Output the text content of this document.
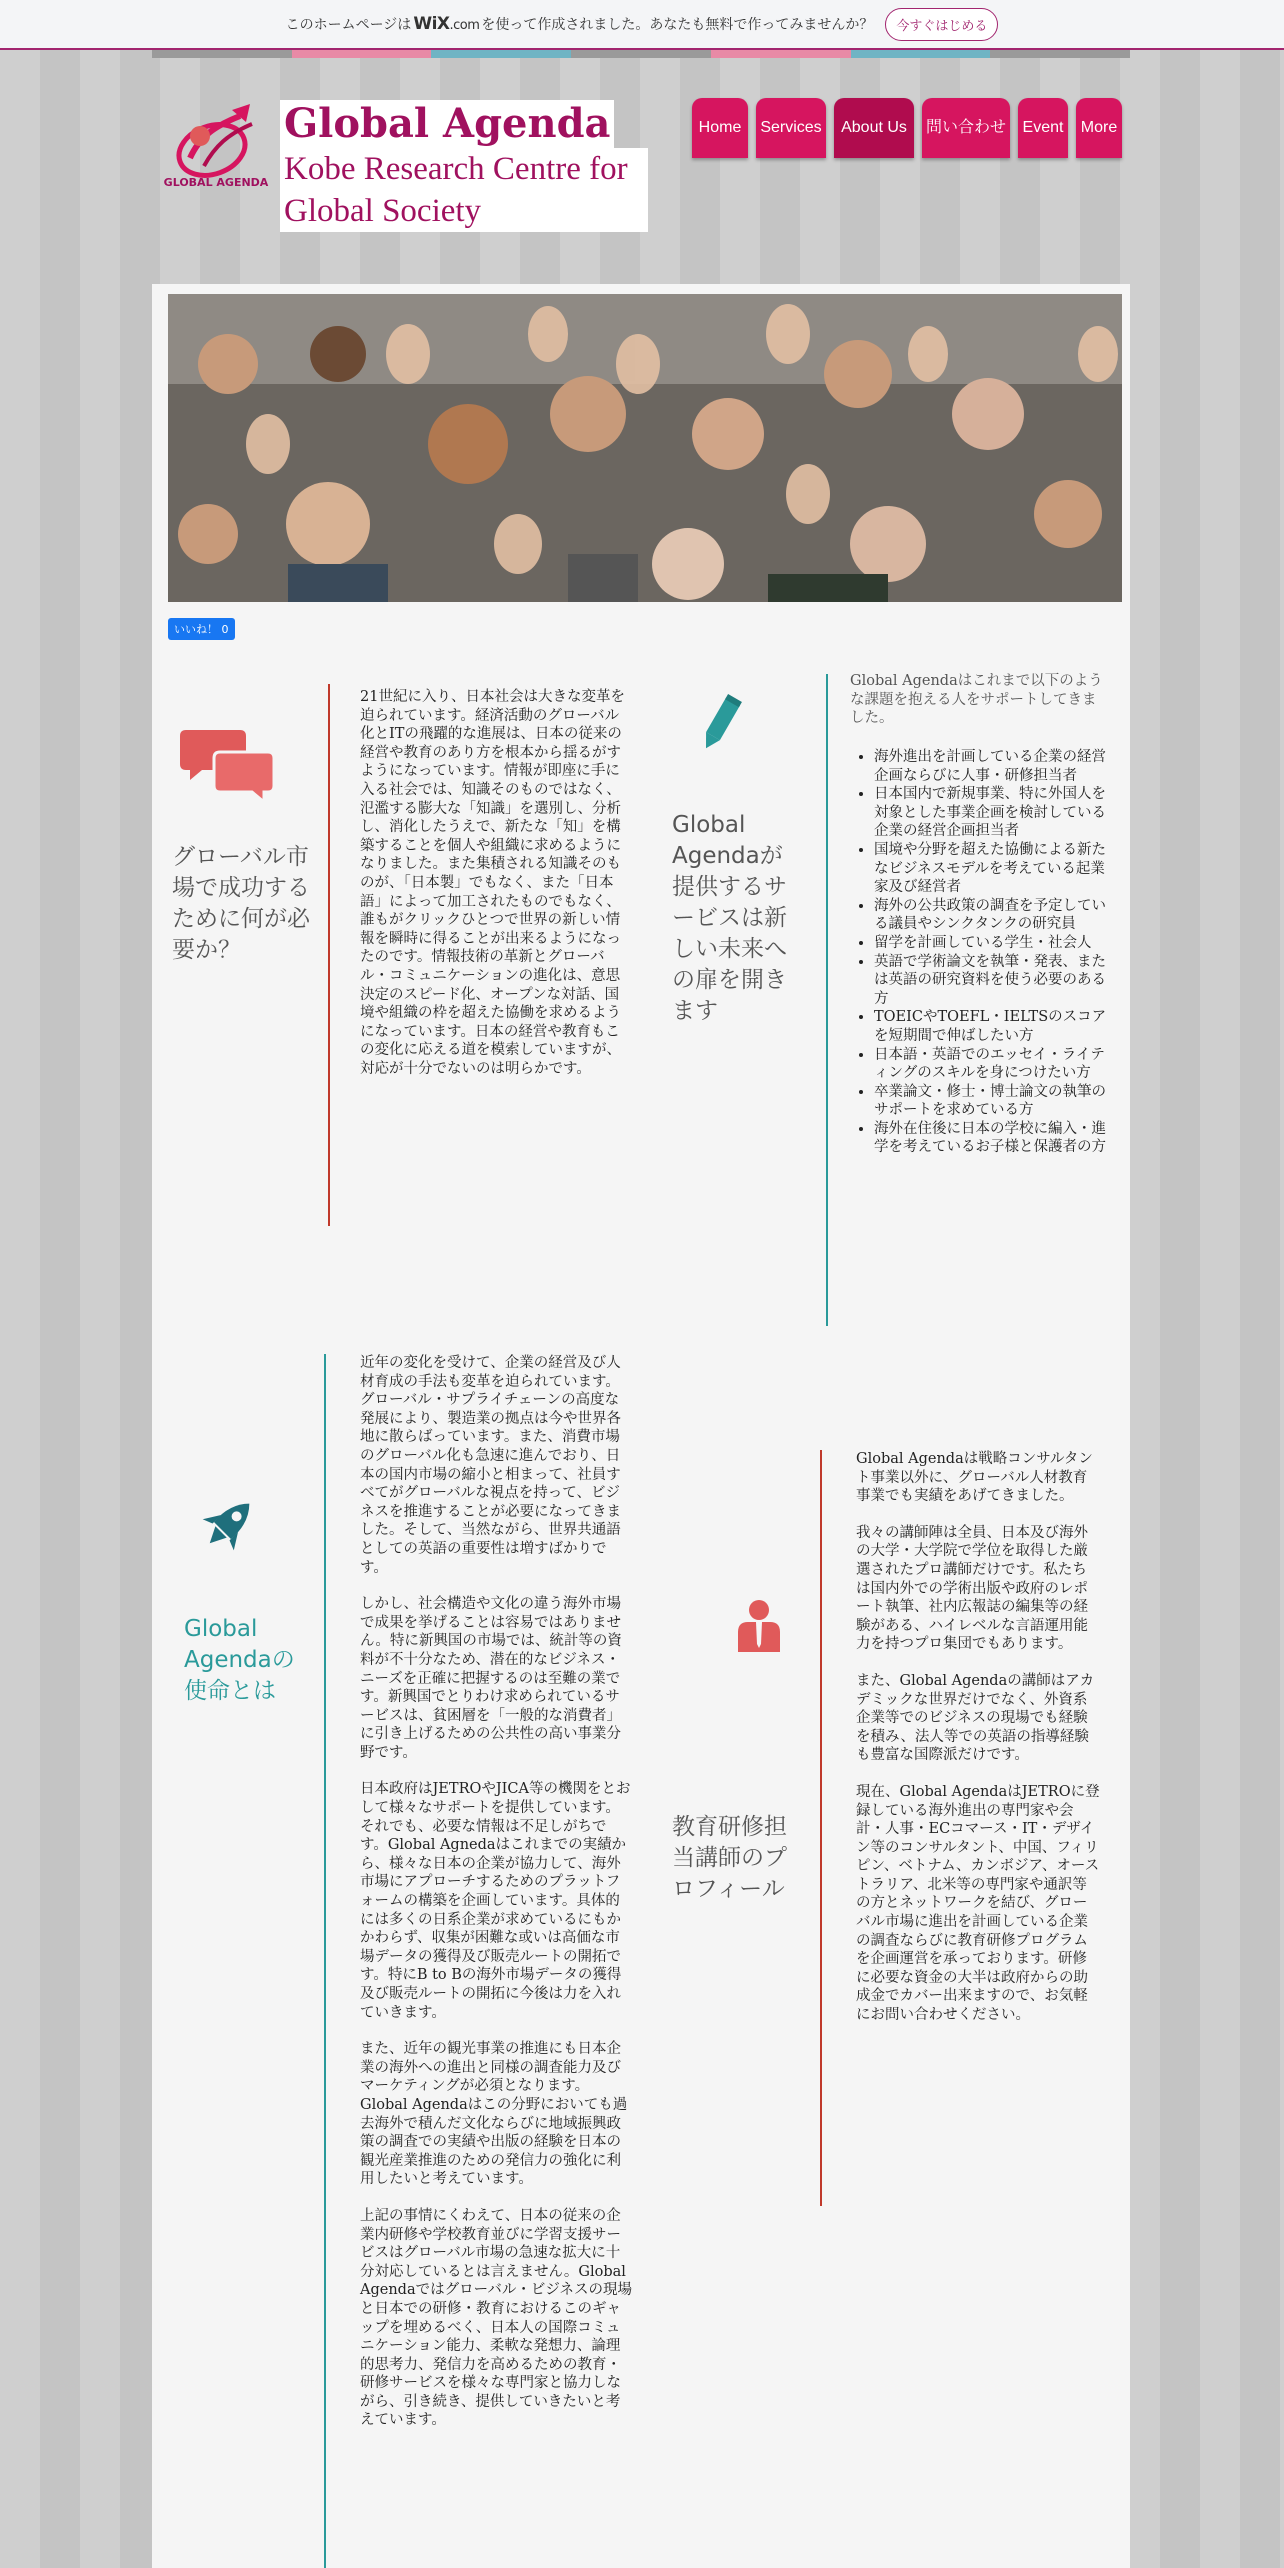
このホームページは WiX.com を使って作成されました。あなたも無料で作ってみませんか？	今すぐはじめる
GLOBAL AGENDA
Global Agenda
Kobe Research Centre for Global Society
Home	Services	About Us	問い合わせ Event More
いいね！ 0
グローバル市場で成功するために何が必要か？
21世紀に入り、日本社会は大きな変革を迫られています。経済活動のグローバル化とITの飛躍的な進展は、日本の従来の経営や教育のあり方を根本から揺るがすようになっています。情報が即座に手に入る社会では、知識そのものではなく、氾濫する膨大な「知識」を選別し、分析し、消化したうえで、新たな「知」を構築することを個人や組織に求めるようになりました。また集積される知識そのものが、「日本製」でもなく、また「日本語」によって加工されたものでもなく、誰もがクリックひとつで世界の新しい情報を瞬時に得ることが出来るようになったのです。情報技術の革新とグローバル・コミュニケーションの進化は、意思決定のスピード化、オープンな対話、国境や組織の枠を超えた協働を求めるようになっています。日本の経営や教育もこの変化に応える道を模索していますが、対応が十分でないのは明らかです。
Global Agendaが提供するサービスは新しい未来への扉を開きます
Global Agendaはこれまで以下のような課題を抱える人をサポートしてきました。
• 海外進出を計画している企業の経営企画ならびに人事・研修担当者
• 日本国内で新規事業、特に外国人を対象とした事業企画を検討している企業の経営企画担当者
• 国境や分野を超えた協働による新たなビジネスモデルを考えている起業家及び経営者
• 海外の公共政策の調査を予定している議員やシンクタンクの研究員
• 留学を計画している学生・社会人
• 英語で学術論文を執筆・発表、または英語の研究資料を使う必要のある方
• TOEICやTOEFL・IELTSのスコアを短期間で伸ばしたい方
• 日本語・英語でのエッセイ・ライティングのスキルを身につけたい方
• 卒業論文・修士・博士論文の執筆のサポートを求めている方
• 海外在住後に日本の学校に編入・進学を考えているお子様と保護者の方
Global Agendaの使命とは

近年の変化を受けて、企業の経営及び人材育成の手法も変革を迫られています。グローバル・サプライチェーンの高度な発展により、製造業の拠点は今や世界各地に散らばっています。また、消費市場のグローバル化も急速に進んでおり、日本の国内市場の縮小と相まって、社員すべてがグローバルな視点を持って、ビジネスを推進することが必要になってきました。そして、当然ながら、世界共通語としての英語の重要性は増すばかりです。

しかし、社会構造や文化の違う海外市場で成果を挙げることは容易ではありません。特に新興国の市場では、統計等の資料が不十分なため、潜在的なビジネス・ニーズを正確に把握するのは至難の業です。新興国でとりわけ求められているサービスは、貧困層を「一般的な消費者」に引き上げるための公共性の高い事業分野です。

日本政府はJETROやJICA等の機関をとおして様々なサポートを提供しています。それでも、必要な情報は不足しがちです。Global Agnedaはこれまでの実績から、様々な日本の企業が協力して、海外市場にアプローチするためのプラットフォームの構築を企画しています。具体的には多くの日系企業が求めているにもかかわらず、収集が困難な或いは高価な市場データの獲得及び販売ルートの開拓です。特にB to Bの海外市場データの獲得及び販売ルートの開拓に今後は力を入れていきます。

また、近年の観光事業の推進にも日本企業の海外への進出と同様の調査能力及びマーケティングが必須となります。Global Agendaはこの分野においても過去海外で積んだ文化ならびに地域振興政策の調査での実績や出版の経験を日本の観光産業推進のための発信力の強化に利用したいと考えています。

上記の事情にくわえて、日本の従来の企業内研修や学校教育並びに学習支援サービスはグローバル市場の急速な拡大に十分対応しているとは言えません。Global Agendaではグローバル・ビジネスの現場と日本での研修・教育におけるこのギャップを埋めるべく、日本人の国際コミュニケーション能力、柔軟な発想力、論理的思考力、発信力を高めるための教育・研修サービスを様々な専門家と協力しながら、引き続き、提供していきたいと考えています。

教育研修担当講師のプロフィール

Global Agendaは戦略コンサルタント事業以外に、グローバル人材教育事業でも実績をあげてきました。

我々の講師陣は全員、日本及び海外の大学・大学院で学位を取得した厳選されたプロ講師だけです。私たちは国内外での学術出版や政府のレポート執筆、社内広報誌の編集等の経験がある、ハイレベルな言語運用能力を持つプロ集団でもあります。

また、Global Agendaの講師はアカデミックな世界だけでなく、外資系企業等でのビジネスの現場でも経験を積み、法人等での英語の指導経験も豊富な国際派だけです。

現在、Global AgendaはJETROに登録している海外進出の専門家や会計・人事・ECコマース・IT・デザイン等のコンサルタント、中国、フィリピン、ベトナム、カンボジア、オーストラリア、北米等の専門家や通訳等の方とネットワークを結び、グローバル市場に進出を計画している企業の調査ならびに教育研修プログラムを企画運営を承っております。研修に必要な資金の大半は政府からの助成金でカバー出来ますので、お気軽にお問い合わせください。
